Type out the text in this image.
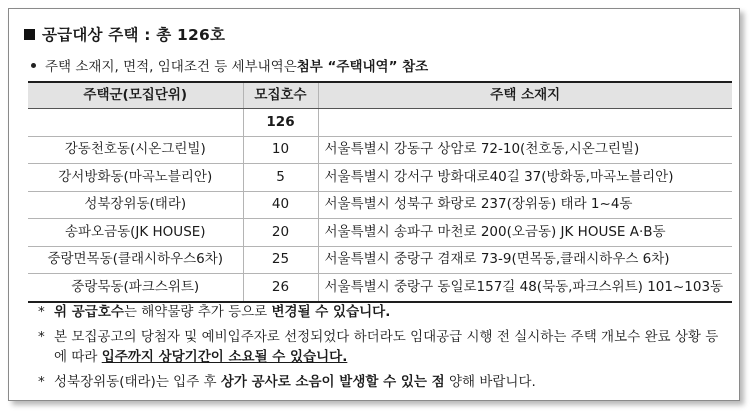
공급대상 주택 : 총 126호
주택 소재지, 면적, 임대조건 등 세부내역은 첨부 “주택내역” 참조
주택군(모집단위)	모집호수	주택 소재지
	126	
강동천호동(시온그린빌)	10	서울특별시 강동구 상암로 72-10(천호동,시온그린빌)
강서방화동(마곡노블리안)	5	서울특별시 강서구 방화대로40길 37(방화동,마곡노블리안)
성북장위동(태라)	40	서울특별시 성북구 화랑로 237(장위동) 태라 1~4동
송파오금동(JK HOUSE)	20	서울특별시 송파구 마천로 200(오금동) JK HOUSE A·B동
중랑면목동(클래시하우스6차)	25	서울특별시 중랑구 겸재로 73-9(면목동,클래시하우스 6차)
중랑묵동(파크스위트)	26	서울특별시 중랑구 동일로157길 48(묵동,파크스위트) 101~103동
* 위 공급호수는 해약물량 추가 등으로 변경될 수 있습니다.
* 본 모집공고의 당첨자 및 예비입주자로 선정되었다 하더라도 임대공급 시행 전 실시하는 주택 개보수 완료 상황 등에 따라 입주까지 상당기간이 소요될 수 있습니다.
* 성북장위동(태라)는 입주 후 상가 공사로 소음이 발생할 수 있는 점 양해 바랍니다.
